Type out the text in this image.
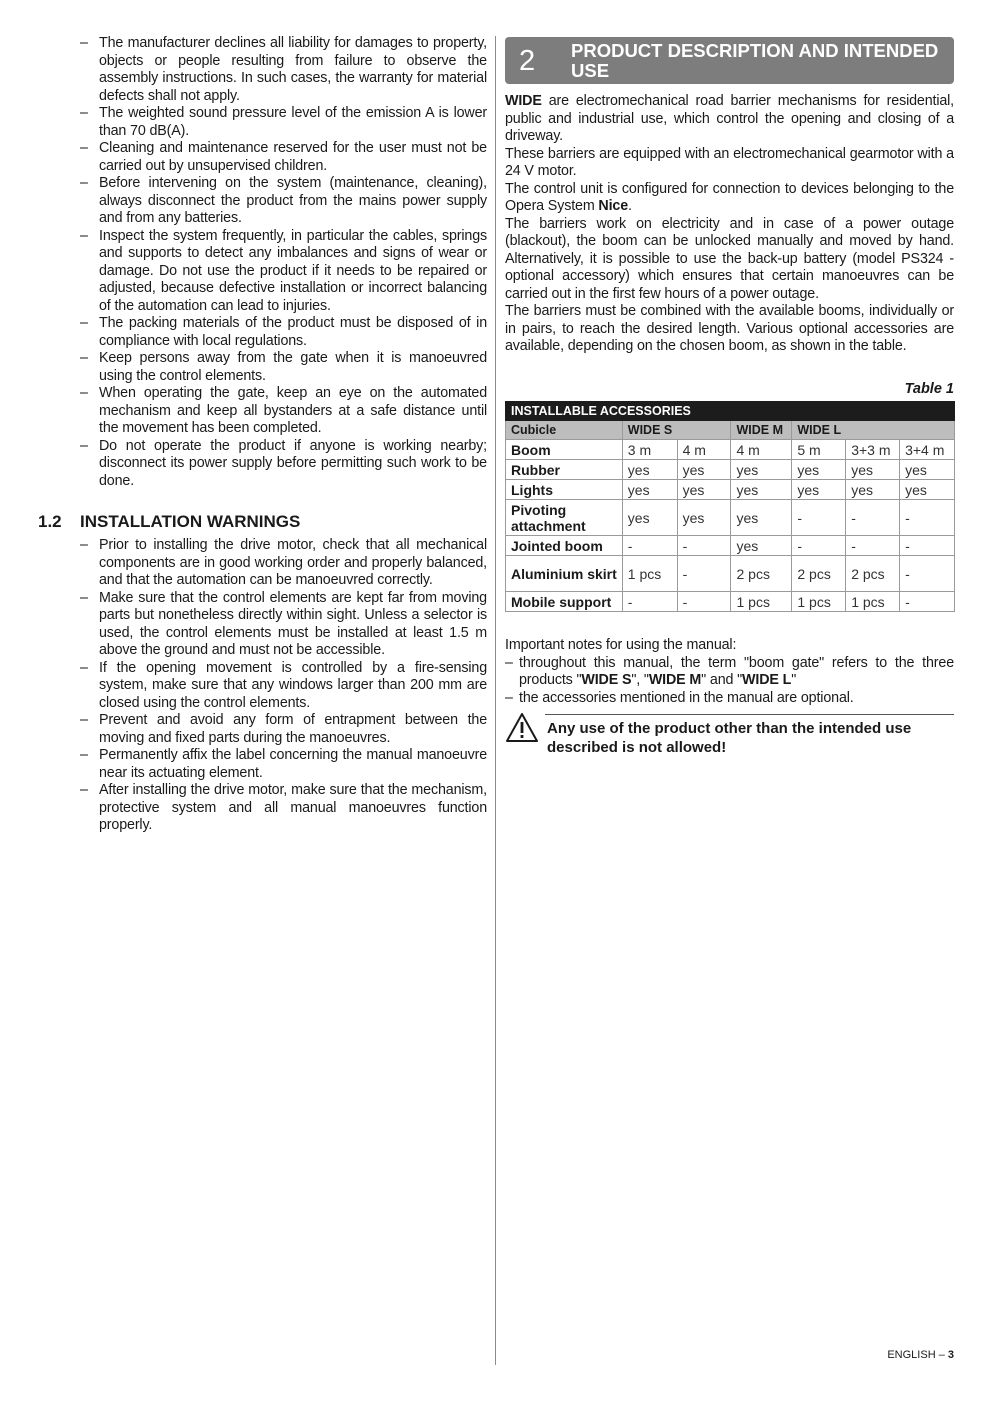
– The manufacturer declines all liability for damages to property, objects or people resulting from failure to observe the assembly instructions. In such cases, the warranty for material defects shall not apply.
– The weighted sound pressure level of the emission A is lower than 70 dB(A).
– Cleaning and maintenance reserved for the user must not be carried out by unsupervised children.
– Before intervening on the system (maintenance, cleaning), always disconnect the product from the mains power supply and from any batteries.
– Inspect the system frequently, in particular the cables, springs and supports to detect any imbalances and signs of wear or damage. Do not use the product if it needs to be repaired or adjusted, because defective installation or incorrect balancing of the automation can lead to injuries.
– The packing materials of the product must be disposed of in compliance with local regulations.
– Keep persons away from the gate when it is manoeuvred using the control elements.
– When operating the gate, keep an eye on the automated mechanism and keep all bystanders at a safe distance until the movement has been completed.
– Do not operate the product if anyone is working nearby; disconnect its power supply before permitting such work to be done.
1.2 INSTALLATION WARNINGS
– Prior to installing the drive motor, check that all mechanical components are in good working order and properly balanced, and that the automation can be manoeuvred correctly.
– Make sure that the control elements are kept far from moving parts but nonetheless directly within sight. Unless a selector is used, the control elements must be installed at least 1.5 m above the ground and must not be accessible.
– If the opening movement is controlled by a fire-sensing system, make sure that any windows larger than 200 mm are closed using the control elements.
– Prevent and avoid any form of entrapment between the moving and fixed parts during the manoeuvres.
– Permanently affix the label concerning the manual manoeuvre near its actuating element.
– After installing the drive motor, make sure that the mechanism, protective system and all manual manoeuvres function properly.
2 PRODUCT DESCRIPTION AND INTENDED USE

WIDE are electromechanical road barrier mechanisms for residential, public and industrial use, which control the opening and closing of a driveway.

These barriers are equipped with an electromechanical gearmotor with a 24 V motor.

The control unit is configured for connection to devices belonging to the Opera System Nice.

The barriers work on electricity and in case of a power outage (blackout), the boom can be unlocked manually and moved by hand. Alternatively, it is possible to use the back-up battery (model PS324 - optional accessory) which ensures that certain manoeuvres can be carried out in the first few hours of a power outage.

The barriers must be combined with the available booms, individually or in pairs, to reach the desired length. Various optional accessories are available, depending on the chosen boom, as shown in the table.

Table 1
INSTALLABLE ACCESSORIES						
Cubicle	WIDE S		WIDE M	WIDE L		
Boom	3 m	4 m	4 m	5 m	3+3 m	3+4 m
Rubber	yes	yes	yes	yes	yes	yes
Lights	yes	yes	yes	yes	yes	yes
Pivoting attachment	yes	yes	yes	-	-	-
Jointed boom	-	-	yes	-	-	-
Aluminium skirt	1 pcs	-	2 pcs	2 pcs	2 pcs	-
Mobile support	-	-	1 pcs	1 pcs	1 pcs	-

Important notes for using the manual:

– throughout this manual, the term "boom gate" refers to the three products "WIDE S", "WIDE M" and "WIDE L"
– the accessories mentioned in the manual are optional.
Any use of the product other than the intended use described is not allowed!
ENGLISH – 3
